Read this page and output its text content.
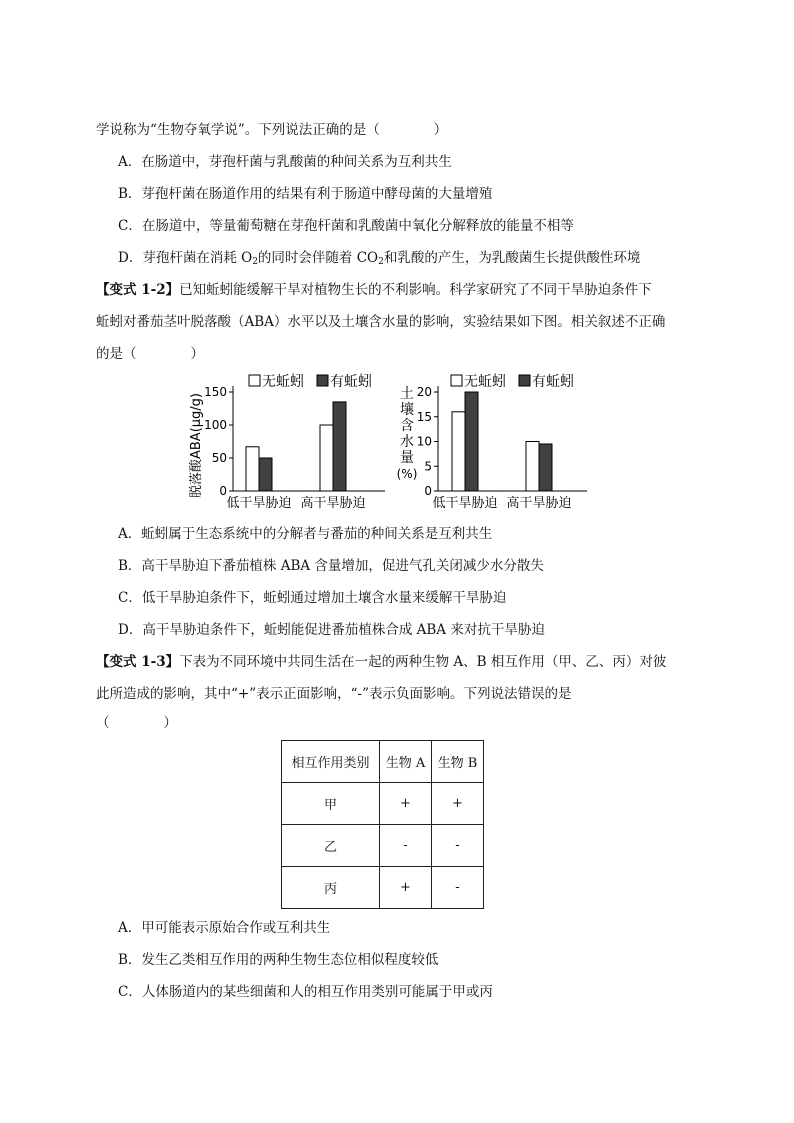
学说称为“生物夺氧学说”。下列说法正确的是（　　　　）
A．在肠道中，芽孢杆菌与乳酸菌的种间关系为互利共生
B．芽孢杆菌在肠道作用的结果有利于肠道中酵母菌的大量增殖
C．在肠道中，等量葡萄糖在芽孢杆菌和乳酸菌中氧化分解释放的能量不相等
D．芽孢杆菌在消耗 $O_2$的同时会伴随着 $CO_2$和乳酸的产生，为乳酸菌生长提供酸性环境
【变式 1-2】已知蚯蚓能缓解干旱对植物生长的不利影响。科学家研究了不同干旱胁迫条件下
蚯蚓对番茄茎叶脱落酸（ABA）水平以及土壤含水量的影响，实验结果如下图。相关叙述不正确
的是（　　　　）
0
50
100
150
低干旱胁迫 高干旱胁迫
无蚯蚓 有蚯蚓
脱落酸ABA(μg/g)	0
5
10
15
20
低干旱胁迫 高干旱胁迫
无蚯蚓 有蚯蚓
土
壤
含
水
量
(%)
A．蚯蚓属于生态系统中的分解者与番茄的种间关系是互利共生
B．高干旱胁迫下番茄植株 ABA 含量增加，促进气孔关闭减少水分散失
C．低干旱胁迫条件下，蚯蚓通过增加土壤含水量来缓解干旱胁迫
D．高干旱胁迫条件下，蚯蚓能促进番茄植株合成 ABA 来对抗干旱胁迫
【变式 1-3】下表为不同环境中共同生活在一起的两种生物 A、B 相互作用（甲、乙、丙）对彼
此所造成的影响，其中“+”表示正面影响，“-”表示负面影响。下列说法错误的是
（　　　　）
相互作用类别	生物 A	生物 B
甲	+	+
乙	-	-
丙	+	-
A．甲可能表示原始合作或互利共生
B．发生乙类相互作用的两种生物生态位相似程度较低
C．人体肠道内的某些细菌和人的相互作用类别可能属于甲或丙
